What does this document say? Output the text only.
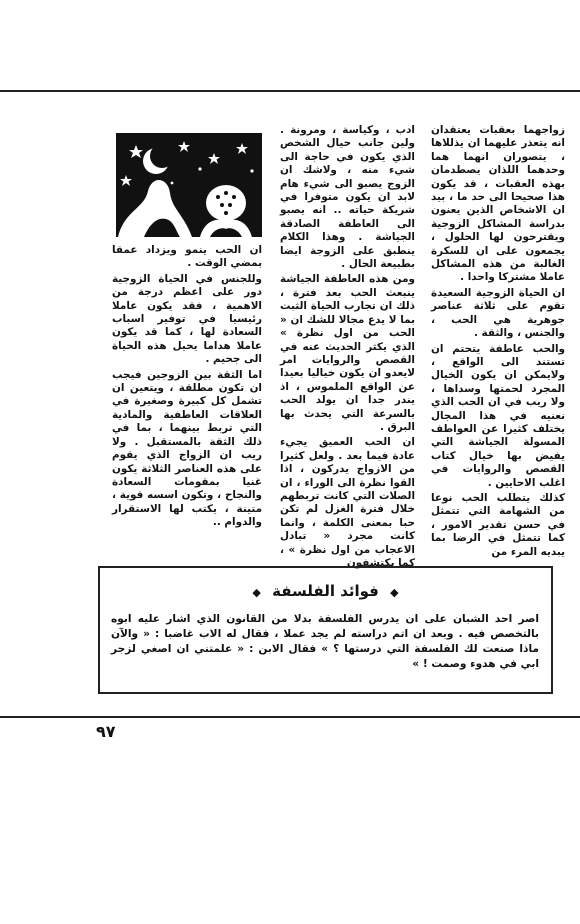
زواجهما بعقبات يعتقدان انه يتعذر عليهما ان يذللاها ، يتصوران انهما هما وحدهما اللذان يصطدمان بهذه العقبات ، قد يكون هذا صحيحا الى حد ما ، بيد ان الاشخاص الذين يعنون بدراسة المشاكل الزوجية ويقترحون لها الحلول ، يجمعون على ان للسكرة الغالبة من هذه المشاكل عاملا مشتركا واحدا .

ان الحياة الزوجية السعيدة تقوم على ثلاثة عناصر جوهرية هي الحب ، والجنس ، والثقة .

والحب عاطفة يتحتم ان تستند الى الواقع ، ولايمكن ان يكون الخيال المجرد لحمتها وسداها ، ولا ريب في ان الحب الذي نعنيه في هذا المجال يختلف كثيرا عن العواطف المسولة الجياشة التي يفيض بها خيال كتاب القصص والروايات في اغلب الاحايين .

كذلك يتطلب الحب نوعا من الشهامة التي تتمثل في حسن تقدير الامور ، كما تتمثل في الرضا بما يبديه المرء من

ادب ، وكياسة ، ومرونة . ولين جانب حيال الشخص الذي يكون في حاجة الى شيء منه ، ولاشك ان الزوج يصبو الى شيء هام لابد ان يكون متوفرا في شريكة حياته .. انه يصبو الى العاطفة الصادقة الجياشة . وهذا الكلام ينطبق على الزوجة ايضا بطبيعة الحال .

ومن هذه العاطفة الجياشة ينبعث الحب بعد فترة ، ذلك ان تجارب الحياة الثبت بما لا يدع مجالا للشك ان « الحب من اول نظرة » الذي يكثر الحديث عنه في القصص والروايات امر لايعدو ان يكون خياليا بعيدا عن الواقع الملموس ، اذ يندر جدا ان يولد الحب بالسرعة التي يحدث بها البرق .

ان الحب العميق يجيء عادة فيما بعد . ولعل كثيرا من الازواج يدركون ، اذا القوا نظرة الى الوراء ، ان الصلات التي كانت تربطهم خلال فترة الغزل لم تكن حبا بمعنى الكلمة ، وانما كانت مجرد « تبادل الاعجاب من اول نظرة » ، كما يكتشفون

ان الحب ينمو ويزداد عمقا بمضي الوقت .

وللجنس في الحياة الزوجية دور على اعظم درجة من الاهمية ، فقد يكون عاملا رئيسيا في توفير اسباب السعادة لها ، كما قد يكون عاملا هداما يحيل هذه الحياة الى جحيم .

اما الثقة بين الزوجين فيجب ان تكون مطلقة ، ويتعين ان تشمل كل كبيرة وصغيرة في العلاقات العاطفية والمادية التي تربط بينهما ، بما في ذلك الثقة بالمستقبل . ولا ريب ان الزواج الذي يقوم على هذه العناصر الثلاثة يكون غنيا بمقومات السعادة والنجاح ، وتكون اسسه قوية ، متينة ، يكتب لها الاستقرار والدوام ..

◆ فوائد الفلسفة ◆
اصر احد الشبان على ان يدرس الفلسفة بدلا من القانون الذي اشار عليه ابوه بالتخصص فيه . وبعد ان اتم دراسته لم يجد عملا ، فقال له الاب غاضبا : « والآن ماذا صنعت لك الفلسفة التي درستها ؟ » فقال الابن : « علمتني ان اصغي لزجر ابي في هدوء وصمت ! »
٩٧
